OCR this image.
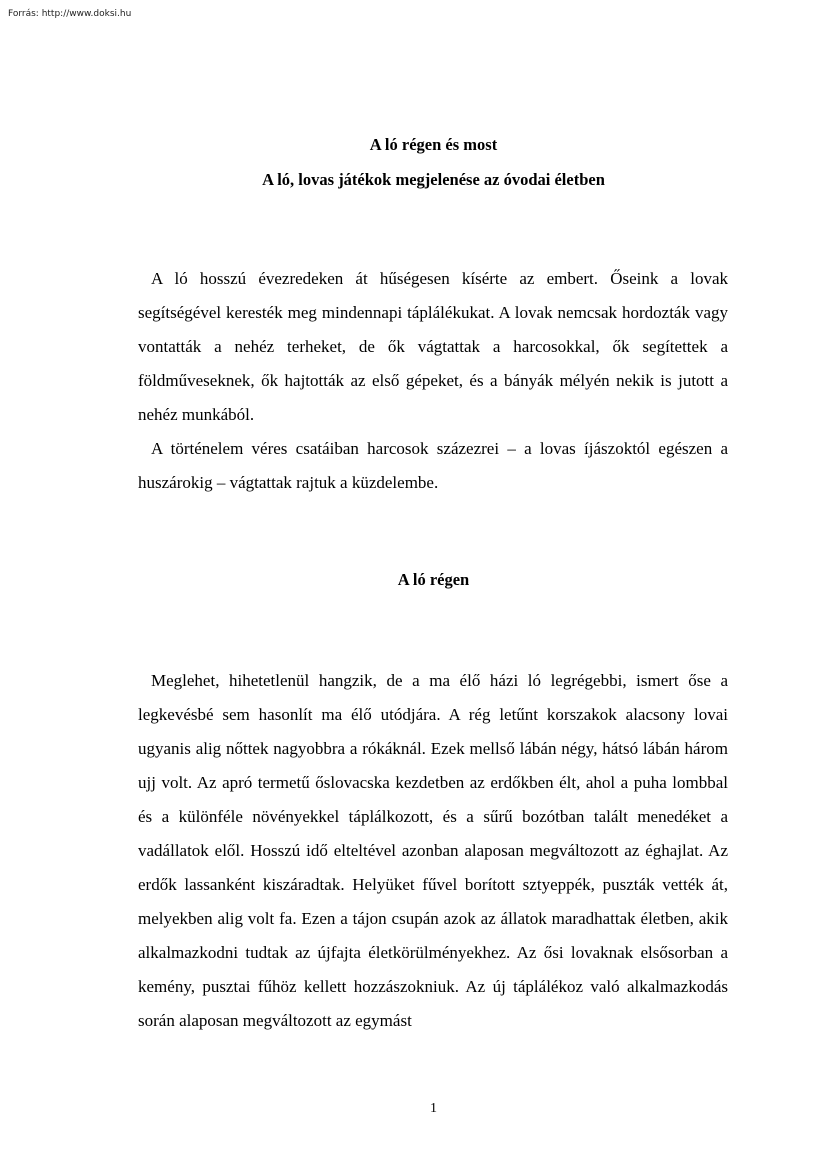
Forrás: http://www.doksi.hu
A ló régen és most
A ló, lovas játékok megjelenése az óvodai életben

A ló hosszú évezredeken át hűségesen kísérte az embert. Őseink a lovak segítségével keresték meg mindennapi táplálékukat. A lovak nemcsak hordozták vagy vontatták a nehéz terheket, de ők vágtattak a harcosokkal, ők segítettek a földműveseknek, ők hajtották az első gépeket, és a bányák mélyén nekik is jutott a nehéz munkából.

A történelem véres csatáiban harcosok százezrei – a lovas íjászoktól egészen a huszárokig – vágtattak rajtuk a küzdelembe.

A ló régen

Meglehet, hihetetlenül hangzik, de a ma élő házi ló legrégebbi, ismert őse a legkevésbé sem hasonlít ma élő utódjára. A rég letűnt korszakok alacsony lovai ugyanis alig nőttek nagyobbra a rókáknál. Ezek mellső lábán négy, hátsó lábán három ujj volt. Az apró termetű őslovacska kezdetben az erdőkben élt, ahol a puha lombbal és a különféle növényekkel táplálkozott, és a sűrű bozótban talált menedéket a vadállatok elől. Hosszú idő elteltével azonban alaposan megváltozott az éghajlat. Az erdők lassanként kiszáradtak. Helyüket fűvel borított sztyeppék, puszták vették át, melyekben alig volt fa. Ezen a tájon csupán azok az állatok maradhattak életben, akik alkalmazkodni tudtak az újfajta életkörülményekhez. Az ősi lovaknak elsősorban a kemény, pusztai fűhöz kellett hozzászokniuk. Az új táplálékoz való alkalmazkodás során alaposan megváltozott az egymást

1
